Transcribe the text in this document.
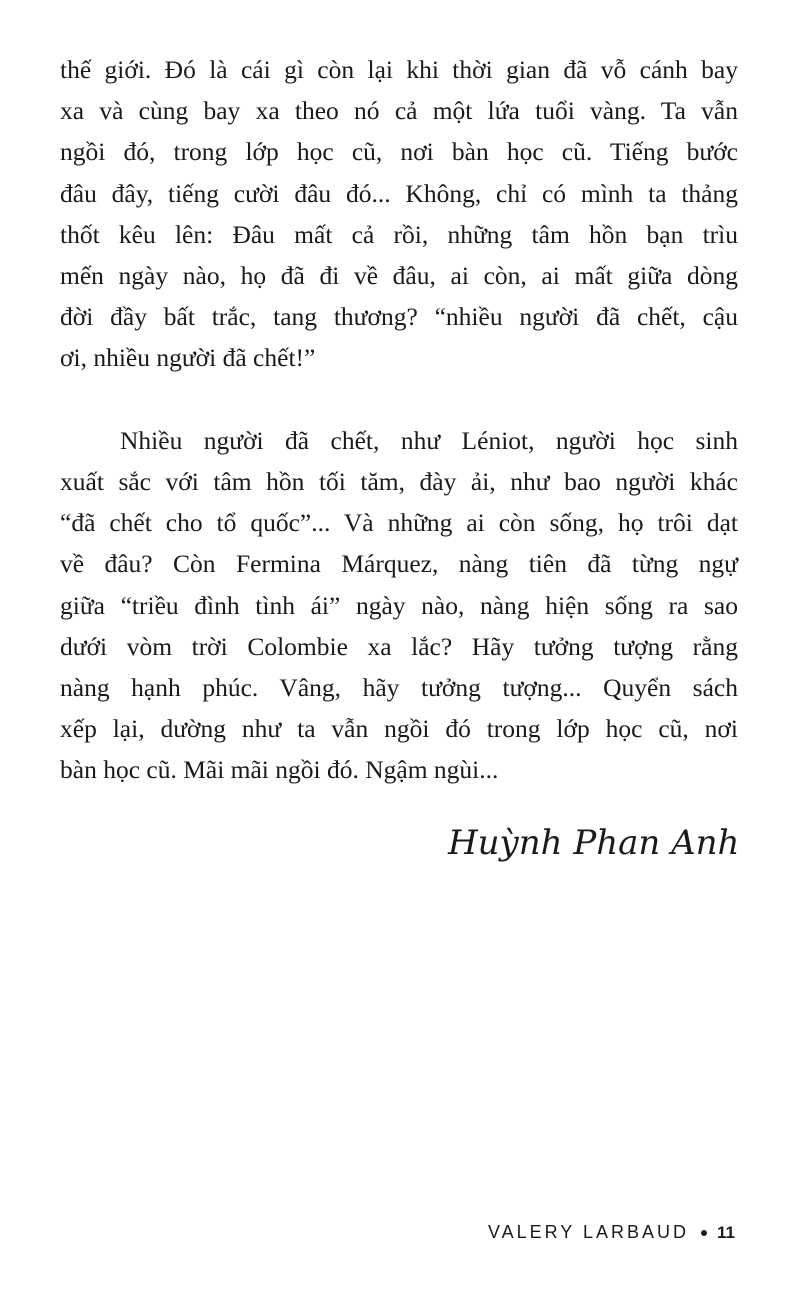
thế giới. Đó là cái gì còn lại khi thời gian đã vỗ cánh bay
xa và cùng bay xa theo nó cả một lứa tuổi vàng. Ta vẫn
ngồi đó, trong lớp học cũ, nơi bàn học cũ. Tiếng bước
đâu đây, tiếng cười đâu đó... Không, chỉ có mình ta thảng
thốt kêu lên: Đâu mất cả rồi, những tâm hồn bạn trìu
mến ngày nào, họ đã đi về đâu, ai còn, ai mất giữa dòng
đời đầy bất trắc, tang thương? “nhiều người đã chết, cậu
ơi, nhiều người đã chết!”

Nhiều người đã chết, như Léniot, người học sinh
xuất sắc với tâm hồn tối tăm, đày ải, như bao người khác
“đã chết cho tổ quốc”... Và những ai còn sống, họ trôi dạt
về đâu? Còn Fermina Márquez, nàng tiên đã từng ngự
giữa “triều đình tình ái” ngày nào, nàng hiện sống ra sao
dưới vòm trời Colombie xa lắc? Hãy tưởng tượng rằng
nàng hạnh phúc. Vâng, hãy tưởng tượng... Quyển sách
xếp lại, dường như ta vẫn ngồi đó trong lớp học cũ, nơi
bàn học cũ. Mãi mãi ngồi đó. Ngậm ngùi...

Huỳnh Phan Anh
VALERY LARBAUD 11
